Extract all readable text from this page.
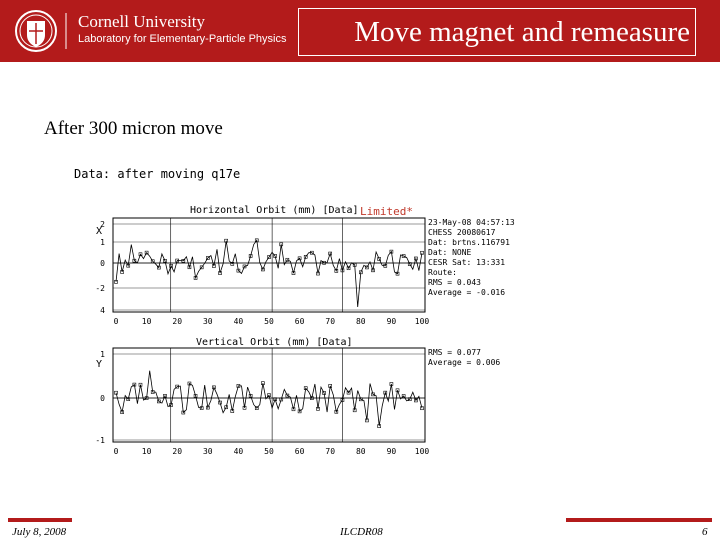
Cornell University
Laboratory for Elementary-Particle Physics	Move magnet and remeasure
After 300 micron move
Data: after moving q17e
Horizontal Orbit (mm) [Data] Limited*
X
2
1
0
-2
4
23-May-08 04:57:13
CHESS 20080617
Dat: brtns.116791
Dat: NONE
CESR Sat: 13:331
Route:
RMS = 0.043
Average = -0.016
0	10	20	30	40	50	60	70	80	90 100
Vertical Orbit (mm) [Data]
Y
1
0
-1
RMS = 0.077
Average = 0.006
0	10	20	30	40	50	60	70	80	90 100
July 8, 2008	ILCDR08	6
